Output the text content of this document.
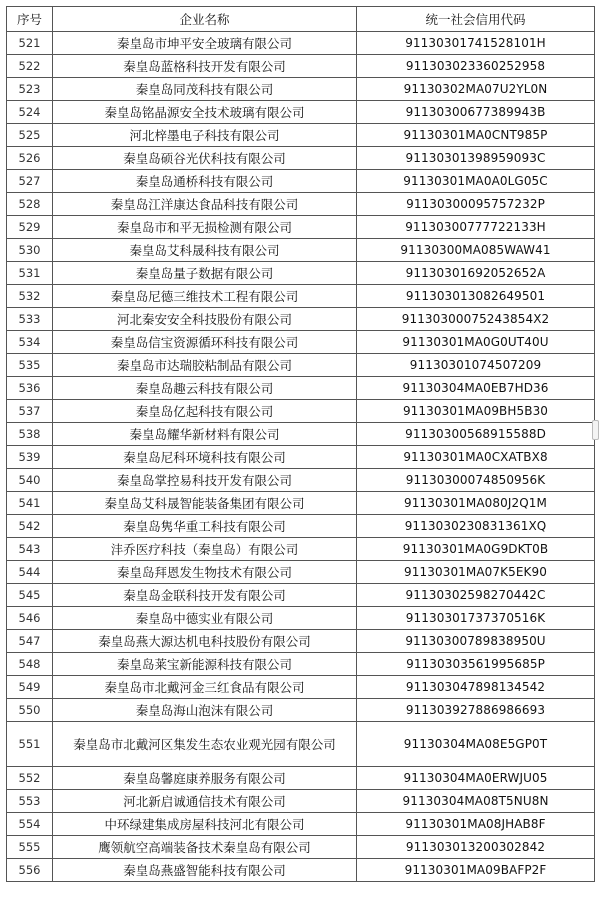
序号	企业名称	统一社会信用代码
521	秦皇岛市坤平安全玻璃有限公司	91130301741528101H
522	秦皇岛蓝格科技开发有限公司	911303023360252958
523	秦皇岛同茂科技有限公司	91130302MA07U2YL0N
524	秦皇岛铭晶源安全技术玻璃有限公司	91130300677389943B
525	河北梓墨电子科技有限公司	91130301MA0CNT985P
526	秦皇岛硕谷光伏科技有限公司	91130301398959093C
527	秦皇岛通桥科技有限公司	91130301MA0A0LG05C
528	秦皇岛江洋康达食品科技有限公司	91130300095757232P
529	秦皇岛市和平无损检测有限公司	91130300777722133H
530	秦皇岛艾科晟科技有限公司	91130300MA085WAW41
531	秦皇岛量子数据有限公司	91130301692052652A
532	秦皇岛尼德三维技术工程有限公司	911303013082649501
533	河北秦安安全科技股份有限公司	91130300075243854X2
534	秦皇岛信宝资源循环科技有限公司	91130301MA0G0UT40U
535	秦皇岛市达瑞胶粘制品有限公司	91130301074507209
536	秦皇岛趣云科技有限公司	91130304MA0EB7HD36
537	秦皇岛亿起科技有限公司	91130301MA09BH5B30
538	秦皇岛耀华新材料有限公司	91130300568915588D
539	秦皇岛尼科环境科技有限公司	91130301MA0CXATBX8
540	秦皇岛掌控易科技开发有限公司	91130300074850956K
541	秦皇岛艾科晟智能装备集团有限公司	91130301MA080J2Q1M
542	秦皇岛隽华重工科技有限公司	9113030230831361XQ
543	沣乔医疗科技（秦皇岛）有限公司	91130301MA0G9DKT0B
544	秦皇岛拜恩发生物技术有限公司	91130301MA07K5EK90
545	秦皇岛金联科技开发有限公司	91130302598270442C
546	秦皇岛中德实业有限公司	91130301737370516K
547	秦皇岛燕大源达机电科技股份有限公司	91130300789838950U
548	秦皇岛莱宝新能源科技有限公司	91130303561995685P
549	秦皇岛市北戴河金三红食品有限公司	911303047898134542
550	秦皇岛海山泡沫有限公司	911303927886986693
551	秦皇岛市北戴河区集发生态农业观光园有限公司	91130304MA08E5GP0T
552	秦皇岛馨庭康养服务有限公司	91130304MA0ERWJU05
553	河北新启诚通信技术有限公司	91130304MA08T5NU8N
554	中环绿建集成房屋科技河北有限公司	91130301MA08JHAB8F
555	鹰领航空高端装备技术秦皇岛有限公司	911303013200302842
556	秦皇岛燕盛智能科技有限公司	91130301MA09BAFP2F
